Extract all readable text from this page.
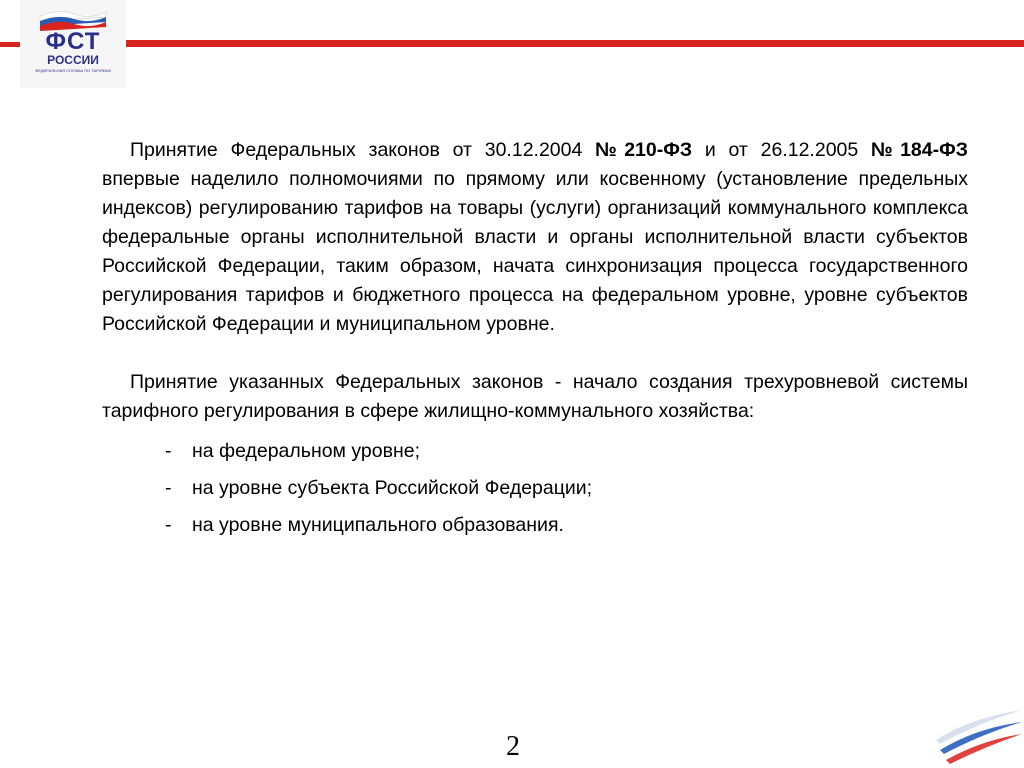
ФСТ
РОССИИ
ФЕДЕРАЛЬНАЯ СЛУЖБА ПО ТАРИФАМ

Принятие Федеральных законов от 30.12.2004 №210-ФЗ и от 26.12.2005 №184-ФЗ впервые наделило полномочиями по прямому или косвенному (установление предельных индексов) регулированию тарифов на товары (услуги) организаций коммунального комплекса федеральные органы исполнительной власти и органы исполнительной власти субъектов Российской Федерации, таким образом, начата синхронизация процесса государственного регулирования тарифов и бюджетного процесса на федеральном уровне, уровне субъектов Российской Федерации и муниципальном уровне.

Принятие указанных Федеральных законов - начало создания трехуровневой системы тарифного регулирования в сфере жилищно-коммунального хозяйства:

- на федеральном уровне;
- на уровне субъекта Российской Федерации;
- на уровне муниципального образования.
2
